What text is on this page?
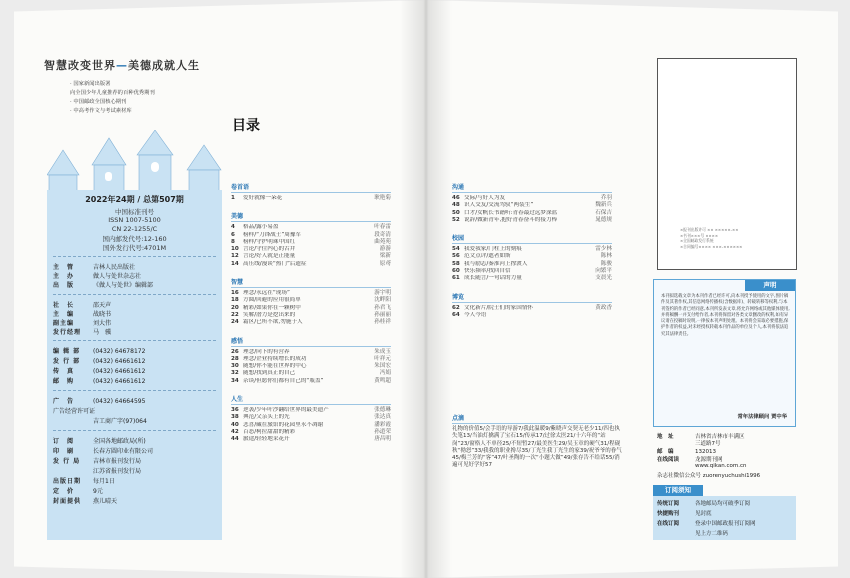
智慧改变世界—美德成就人生
· 国家新闻出版署
向全国少年儿童推荐的百种优秀期刊
· 中国邮政全国核心期刊
· 中高考作文与考试素材库
2022年24期 / 总第507期
中国标准刊号
ISSN 1007-5100
CN 22-1255/C
国内邮发代号:12-160
国外发行代号:4701M
主　管	吉林人民出版社
主　办	做人与处世杂志社
出　版	《做人与处世》编辑部
社　长	邵天声
主　编	战晓书
副主编	刘大伟
发行经理 马　骥
编 辑 部 (0432) 64678172
发 行 部 (0432) 64661612
传　真	(0432) 64661612
邮　购	(0432) 64661612
广　告	(0432) 64664595
广告经营许可证
吉工商广字(97)064
订　阅	全国各地邮政局(所)
印　刷	长春方圆印业有限公司
发 行 局 吉林市报刊发行局
江苏省报刊发行局
出版日期 每月1日
定　价	9元
封面提供 燕儿晴天
目录
卷首语
1	爱好就像一朵花	耿艳菊
美德
4	格品/露小易盈	叶春雷
6	榜样/“刀锋战士”周豫军	段奇清
8	榜样/守护明珠中国红	曲苑苑
10 言论/守住内心的古井	游游
12 言论/好人就是正能量	梁新
14 高压线/漫谈“热门”后遗症	原鸢
智慧
16 理念/永远在“现场”	游宇明
18 方圆/回避的应用很简单	沈畔阳
20 精彩/如果你在一颗树中	孙君飞
22 笑解/潜力是挖出来的	孙丽丽
24 霜区/已所不欲,勿施于人	孙桂祥
感悟
26 理念/向下的有营养	朱成玉
28 理念/企业持续增长的成功	叶祥元
30 随想/你不能在世界的中心	朱国宏
32 随想/找到真正的自己	冯娟
34 杂谈/但愿你们都有自己的“瓶盖”	黄鸣超
人生
36 逆袭/少年叶沙翻给世界的最美遗产	张德琳
38 典范/父亲头上的光	张达真
40 悲喜/藏在旅馆的花园里永不凋谢	潘彩霞
42 百态/柯拉甜甜的精彩	孙道荣
44 旅途/轻轻地采花开	唐昌明
沟通
46 交际/与好人为友	乔羽
48 识人交友/交流驾驭“两装生”	魏新兵
50 口才/女帆长书籍听:青春最过远梦深蓝	石保吉
52 说辞/做新青年,抱好青春奋斗的接力棒	晁德规
校园
54 我爱我家/门柱上的刻痕	雷少林
56 范文点评/遮者如斯	陈林
58 我与励志/秦淮河上撑渡人	陈骏
60 快乐频率/找回自信	向繁平
61 成长随言/一句话的力量	支晨光
博览
62 文化新片/院士们的家国情怀	黄政香
64 今人今语
点滴
礼物的价值5/会手语的导游7/我此温暖9/紫晓声交契无老少11/四也执失笔13/当油灯擒满了宝石15/传承17/过徐太医21/十六年的“站岗”23/窗格人不单径25/不短暂27/最美医生29/吴玉章的硬气31/程砚秋“拗怒”33/我我的职业搀尽35/丁光生我丁光生的家39/祝爷爷的眷气45/梅兰芳的“客”47/叶圣陶的一次“小题大做”49/张存告不给话55/消遍可见好学好57
×报刊出版许可 ×× ×××××-××
×书刊×××号 ××××
×全国邮政发行系统
×合同编号×××× ×××-××××××
声明
本刊拟选载文章为本刊作者已经许可,向本刊授予使用的文字,图片稿件及其著作权,其信息网络传播权(含数据库)、转载转移等权利,与本刊签约的作者已经同意,本刊所发表文章,将允许网络或其他媒体使用,并将稿酬一并支付给作者,本刊将保留对各类文章删改的权利,如有异议请在投稿时说明,一律按本刊声明处理。本刊将会采取必要措施,保护作者的权益,对未经授权转载本刊作品的单位及个人,本刊将依法追究其法律责任。
常年法律顾问 贾中华
地　址	吉林省吉林市丰满区
三道路7号
邮　编	132013
在线阅读	龙源期刊网
www.qikan.com.cn
杂志社微信公众号 zuorenyuchushi1996
订阅须知
传统订阅	各地邮局均可破季订阅
快捷购刊	见封底
在线订阅	登录中国邮政报刊订阅网
见上方二维码
